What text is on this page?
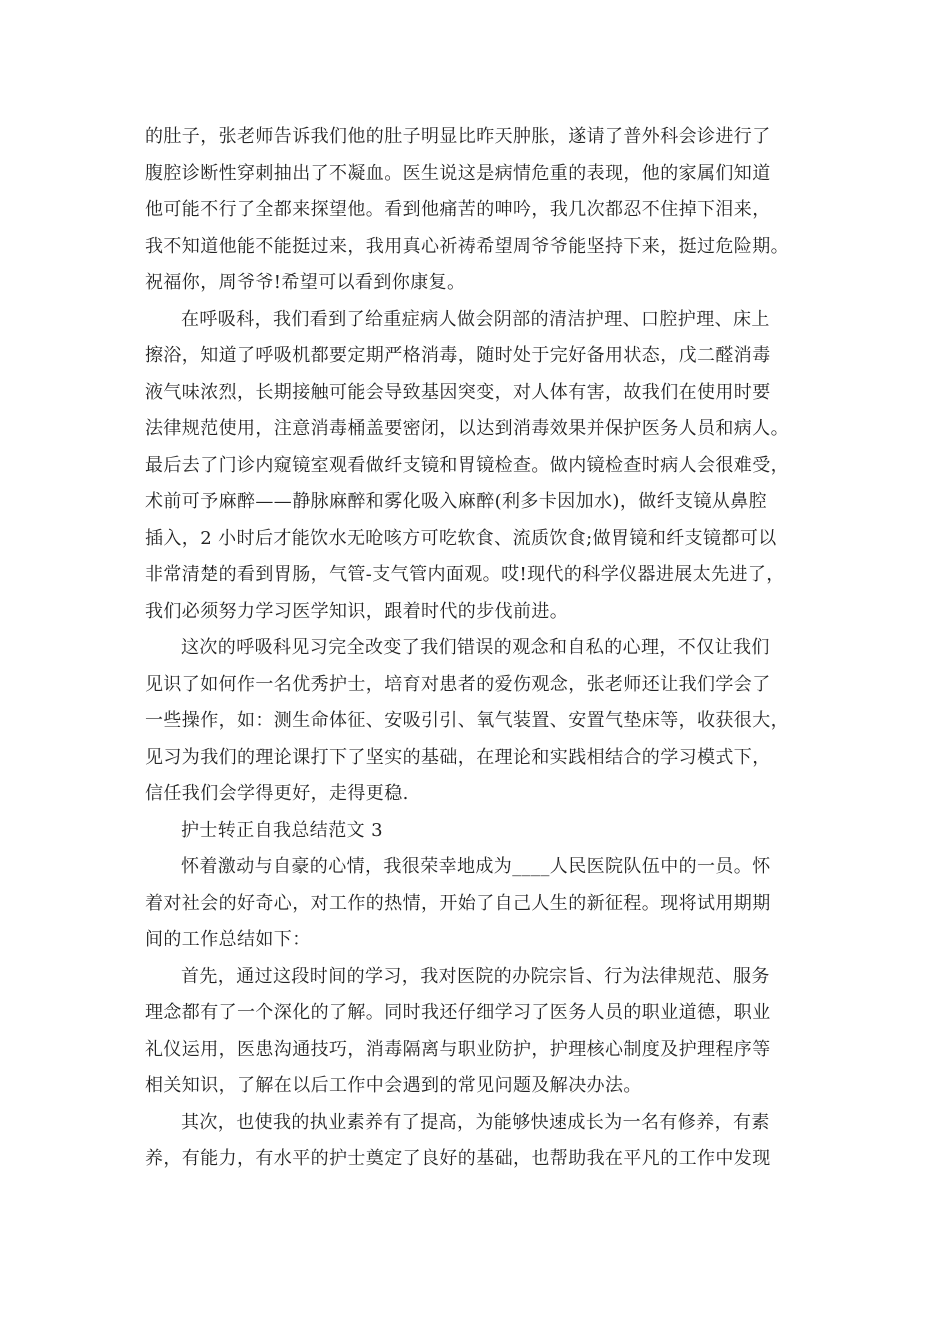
的肚子，张老师告诉我们他的肚子明显比昨天肿胀，遂请了普外科会诊进行了
腹腔诊断性穿刺抽出了不凝血。医生说这是病情危重的表现，他的家属们知道
他可能不行了全都来探望他。看到他痛苦的呻吟，我几次都忍不住掉下泪来，
我不知道他能不能挺过来，我用真心祈祷希望周爷爷能坚持下来，挺过危险期。
祝福你，周爷爷!希望可以看到你康复。
在呼吸科，我们看到了给重症病人做会阴部的清洁护理、口腔护理、床上
擦浴，知道了呼吸机都要定期严格消毒，随时处于完好备用状态，戊二醛消毒
液气味浓烈，长期接触可能会导致基因突变，对人体有害，故我们在使用时要
法律规范使用，注意消毒桶盖要密闭，以达到消毒效果并保护医务人员和病人。
最后去了门诊内窥镜室观看做纤支镜和胃镜检查。做内镜检查时病人会很难受，
术前可予麻醉——静脉麻醉和雾化吸入麻醉(利多卡因加水)，做纤支镜从鼻腔
插入，2 小时后才能饮水无呛咳方可吃软食、流质饮食;做胃镜和纤支镜都可以
非常清楚的看到胃肠，气管-支气管内面观。哎!现代的科学仪器进展太先进了，
我们必须努力学习医学知识，跟着时代的步伐前进。
这次的呼吸科见习完全改变了我们错误的观念和自私的心理，不仅让我们
见识了如何作一名优秀护士，培育对患者的爱伤观念，张老师还让我们学会了
一些操作，如：测生命体征、安吸引引、氧气装置、安置气垫床等，收获很大，
见习为我们的理论课打下了坚实的基础，在理论和实践相结合的学习模式下，
信任我们会学得更好，走得更稳.
护士转正自我总结范文 3
怀着激动与自豪的心情，我很荣幸地成为____人民医院队伍中的一员。怀
着对社会的好奇心，对工作的热情，开始了自己人生的新征程。现将试用期期
间的工作总结如下：
首先，通过这段时间的学习，我对医院的办院宗旨、行为法律规范、服务
理念都有了一个深化的了解。同时我还仔细学习了医务人员的职业道德，职业
礼仪运用，医患沟通技巧，消毒隔离与职业防护，护理核心制度及护理程序等
相关知识，了解在以后工作中会遇到的常见问题及解决办法。
其次，也使我的执业素养有了提高，为能够快速成长为一名有修养，有素
养，有能力，有水平的护士奠定了良好的基础，也帮助我在平凡的工作中发现
